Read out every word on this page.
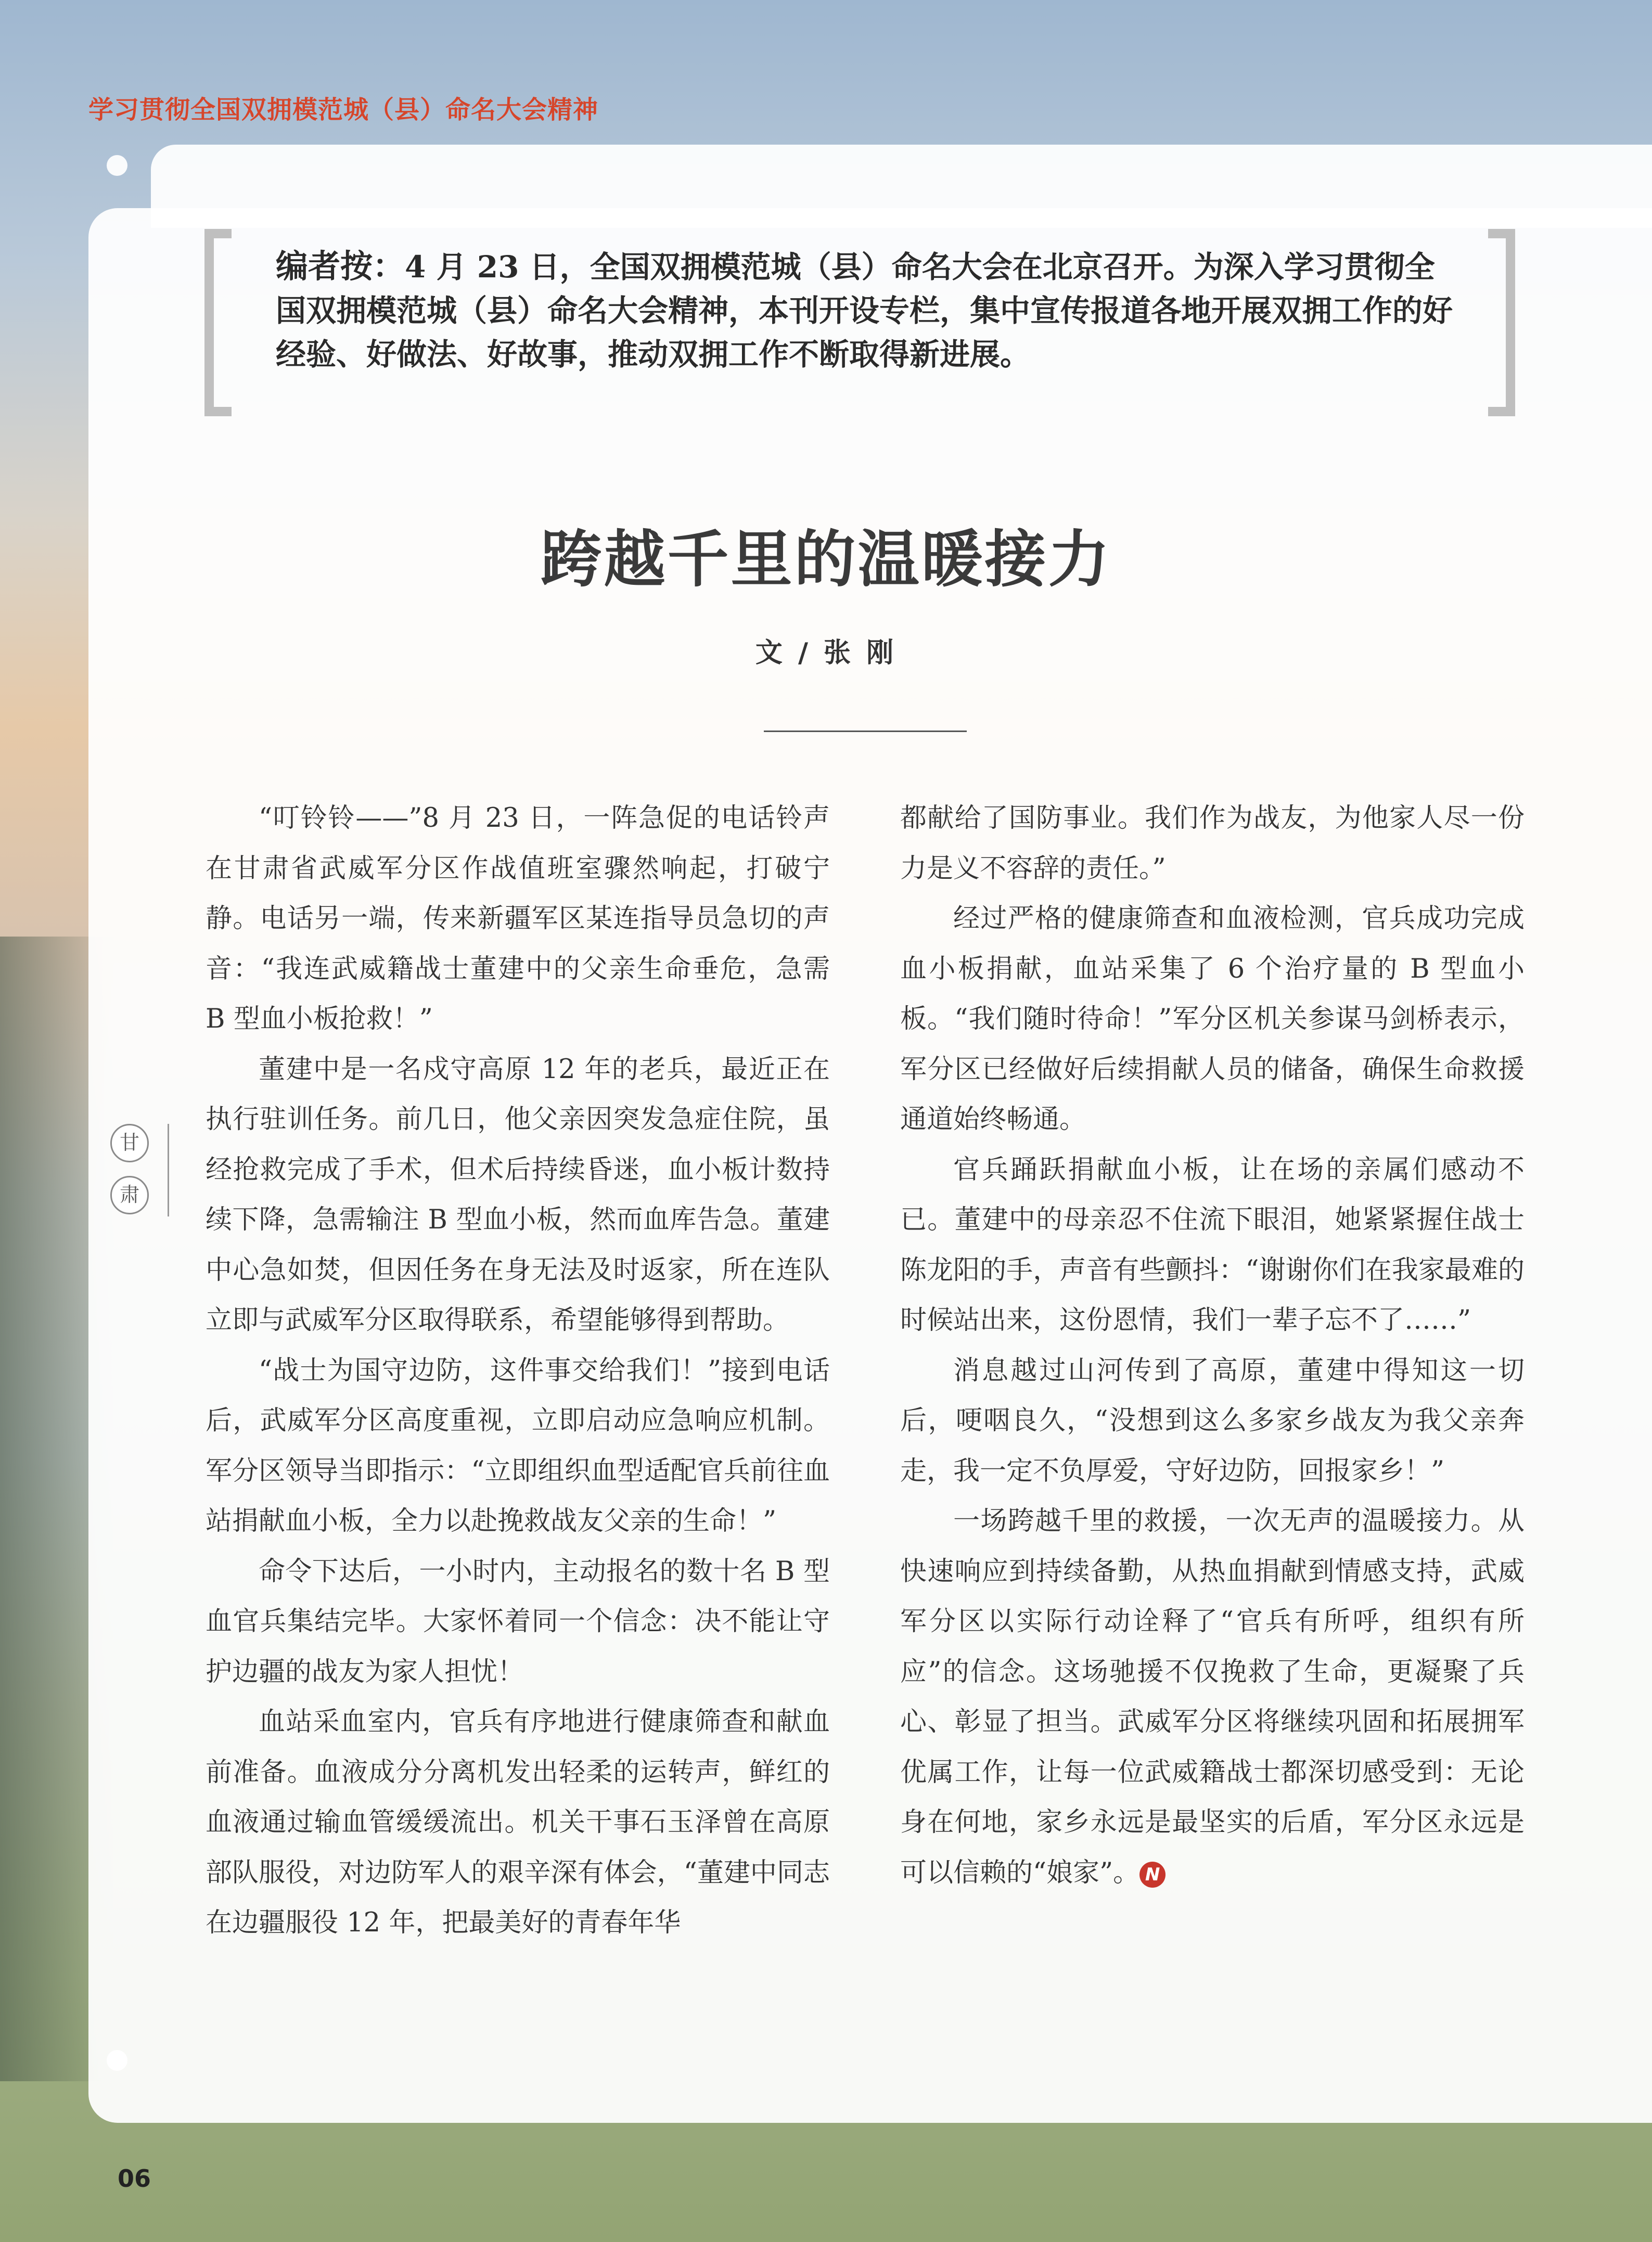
学习贯彻全国双拥模范城（县）命名大会精神
编者按：4 月 23 日，全国双拥模范城（县）命名大会在北京召开。为深入学习贯彻全国双拥模范城（县）命名大会精神，本刊开设专栏，集中宣传报道各地开展双拥工作的好经验、好做法、好故事，推动双拥工作不断取得新进展。
跨越千里的温暖接力
文 / 张 刚

“叮铃铃——”8 月 23 日，一阵急促的电话铃声在甘肃省武威军分区作战值班室骤然响起，打破宁静。电话另一端，传来新疆军区某连指导员急切的声音：“我连武威籍战士董建中的父亲生命垂危，急需 B 型血小板抢救！”

董建中是一名戍守高原 12 年的老兵，最近正在执行驻训任务。前几日，他父亲因突发急症住院，虽经抢救完成了手术，但术后持续昏迷，血小板计数持续下降，急需输注 B 型血小板，然而血库告急。董建中心急如焚，但因任务在身无法及时返家，所在连队立即与武威军分区取得联系，希望能够得到帮助。

“战士为国守边防，这件事交给我们！”接到电话后，武威军分区高度重视，立即启动应急响应机制。军分区领导当即指示：“立即组织血型适配官兵前往血站捐献血小板，全力以赴挽救战友父亲的生命！”

命令下达后，一小时内，主动报名的数十名 B 型血官兵集结完毕。大家怀着同一个信念：决不能让守护边疆的战友为家人担忧！

血站采血室内，官兵有序地进行健康筛查和献血前准备。血液成分分离机发出轻柔的运转声，鲜红的血液通过输血管缓缓流出。机关干事石玉泽曾在高原部队服役，对边防军人的艰辛深有体会，“董建中同志在边疆服役 12 年，把最美好的青春年华

都献给了国防事业。我们作为战友，为他家人尽一份力是义不容辞的责任。”

经过严格的健康筛查和血液检测，官兵成功完成血小板捐献，血站采集了 6 个治疗量的 B 型血小板。“我们随时待命！”军分区机关参谋马剑桥表示，军分区已经做好后续捐献人员的储备，确保生命救援通道始终畅通。

官兵踊跃捐献血小板，让在场的亲属们感动不已。董建中的母亲忍不住流下眼泪，她紧紧握住战士陈龙阳的手，声音有些颤抖：“谢谢你们在我家最难的时候站出来，这份恩情，我们一辈子忘不了……”

消息越过山河传到了高原，董建中得知这一切后，哽咽良久，“没想到这么多家乡战友为我父亲奔走，我一定不负厚爱，守好边防，回报家乡！”

一场跨越千里的救援，一次无声的温暖接力。从快速响应到持续备勤，从热血捐献到情感支持，武威军分区以实际行动诠释了“官兵有所呼，组织有所应”的信念。这场驰援不仅挽救了生命，更凝聚了兵心、彰显了担当。武威军分区将继续巩固和拓展拥军优属工作，让每一位武威籍战士都深切感受到：无论身在何地，家乡永远是最坚实的后盾，军分区永远是可以信赖的“娘家”。 N

甘
肃
06
